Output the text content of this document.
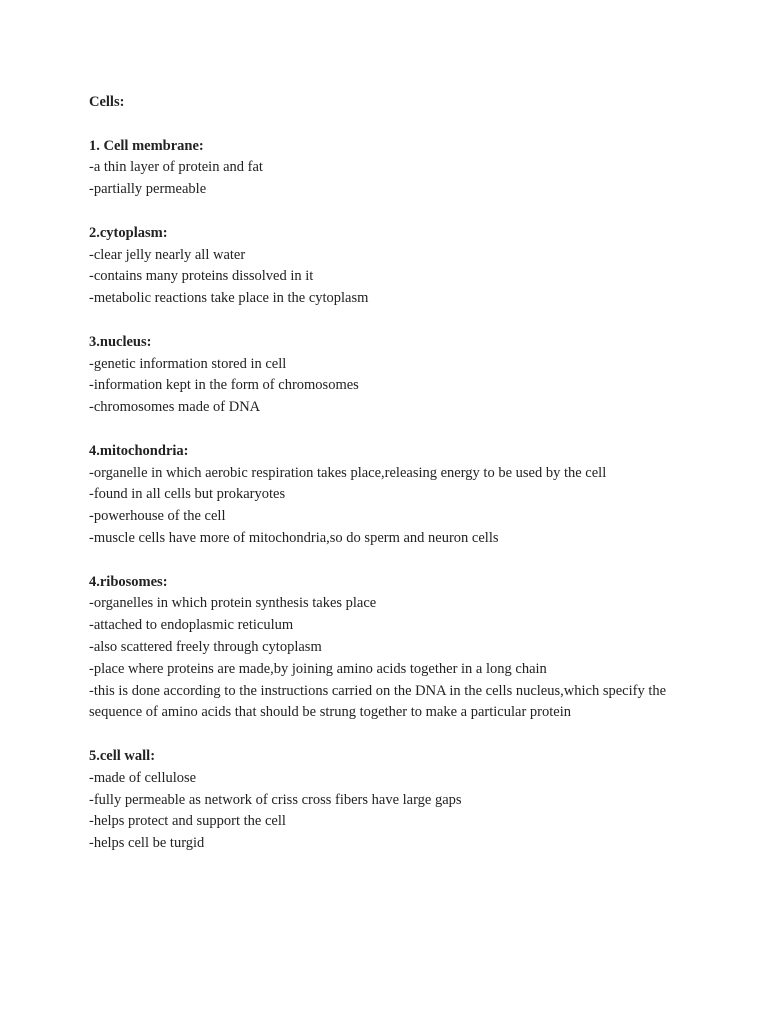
Cells:

1. Cell membrane:

-a thin layer of protein and fat

-partially permeable

2.cytoplasm:

-clear jelly nearly all water

-contains many proteins dissolved in it

-metabolic reactions take place in the cytoplasm

3.nucleus:

-genetic information stored in cell

-information kept in the form of chromosomes

-chromosomes made of DNA

4.mitochondria:

-organelle in which aerobic respiration takes place,releasing energy to be used by the cell

-found in all cells but prokaryotes

-powerhouse of the cell

-muscle cells have more of mitochondria,so do sperm and neuron cells

4.ribosomes:

-organelles in which protein synthesis takes place

-attached to endoplasmic reticulum

-also scattered freely through cytoplasm

-place where proteins are made,by joining amino acids together in a long chain

-this is done according to the instructions carried on the DNA in the cells nucleus,which specify the sequence of amino acids that should be strung together to make a particular protein

5.cell wall:

-made of cellulose

-fully permeable as network of criss cross fibers have large gaps

-helps protect and support the cell

-helps cell be turgid
